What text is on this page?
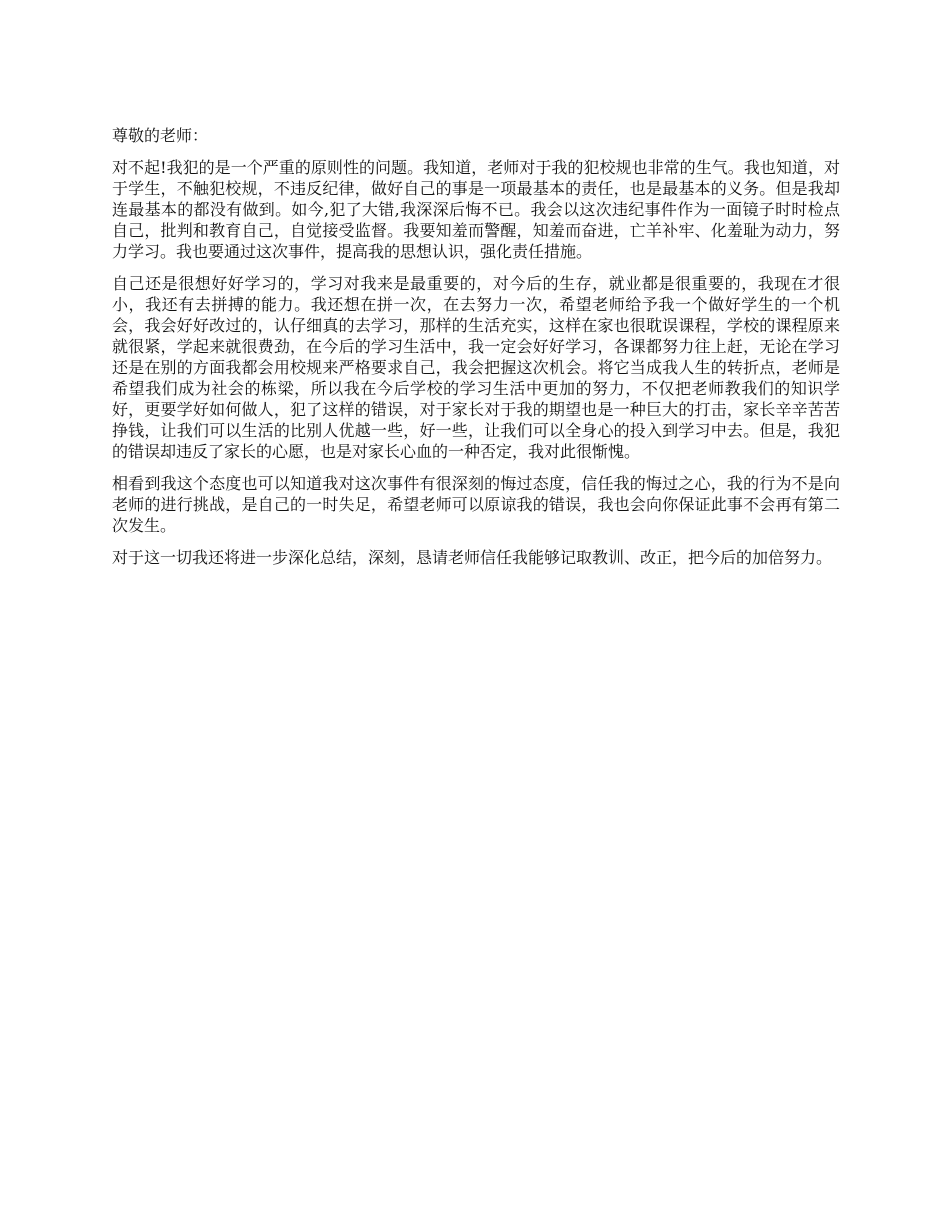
尊敬的老师：

对不起!我犯的是一个严重的原则性的问题。我知道，老师对于我的犯校规也非常的生气。我也知道，对于学生，不触犯校规，不违反纪律，做好自己的事是一项最基本的责任，也是最基本的义务。但是我却连最基本的都没有做到。如今,犯了大错,我深深后悔不已。我会以这次违纪事件作为一面镜子时时检点自己，批判和教育自己，自觉接受监督。我要知羞而警醒，知羞而奋进，亡羊补牢、化羞耻为动力，努力学习。我也要通过这次事件，提高我的思想认识，强化责任措施。

自己还是很想好好学习的，学习对我来是最重要的，对今后的生存，就业都是很重要的，我现在才很小，我还有去拼搏的能力。我还想在拼一次，在去努力一次，希望老师给予我一个做好学生的一个机会，我会好好改过的，认仔细真的去学习，那样的生活充实，这样在家也很耽误课程，学校的课程原来就很紧，学起来就很费劲，在今后的学习生活中，我一定会好好学习，各课都努力往上赶，无论在学习还是在别的方面我都会用校规来严格要求自己，我会把握这次机会。将它当成我人生的转折点，老师是希望我们成为社会的栋梁，所以我在今后学校的学习生活中更加的努力，不仅把老师教我们的知识学好，更要学好如何做人，犯了这样的错误，对于家长对于我的期望也是一种巨大的打击，家长辛辛苦苦挣钱，让我们可以生活的比别人优越一些，好一些，让我们可以全身心的投入到学习中去。但是，我犯的错误却违反了家长的心愿，也是对家长心血的一种否定，我对此很惭愧。

相看到我这个态度也可以知道我对这次事件有很深刻的悔过态度，信任我的悔过之心，我的行为不是向老师的进行挑战，是自己的一时失足，希望老师可以原谅我的错误，我也会向你保证此事不会再有第二次发生。

对于这一切我还将进一步深化总结，深刻，恳请老师信任我能够记取教训、改正，把今后的加倍努力。
